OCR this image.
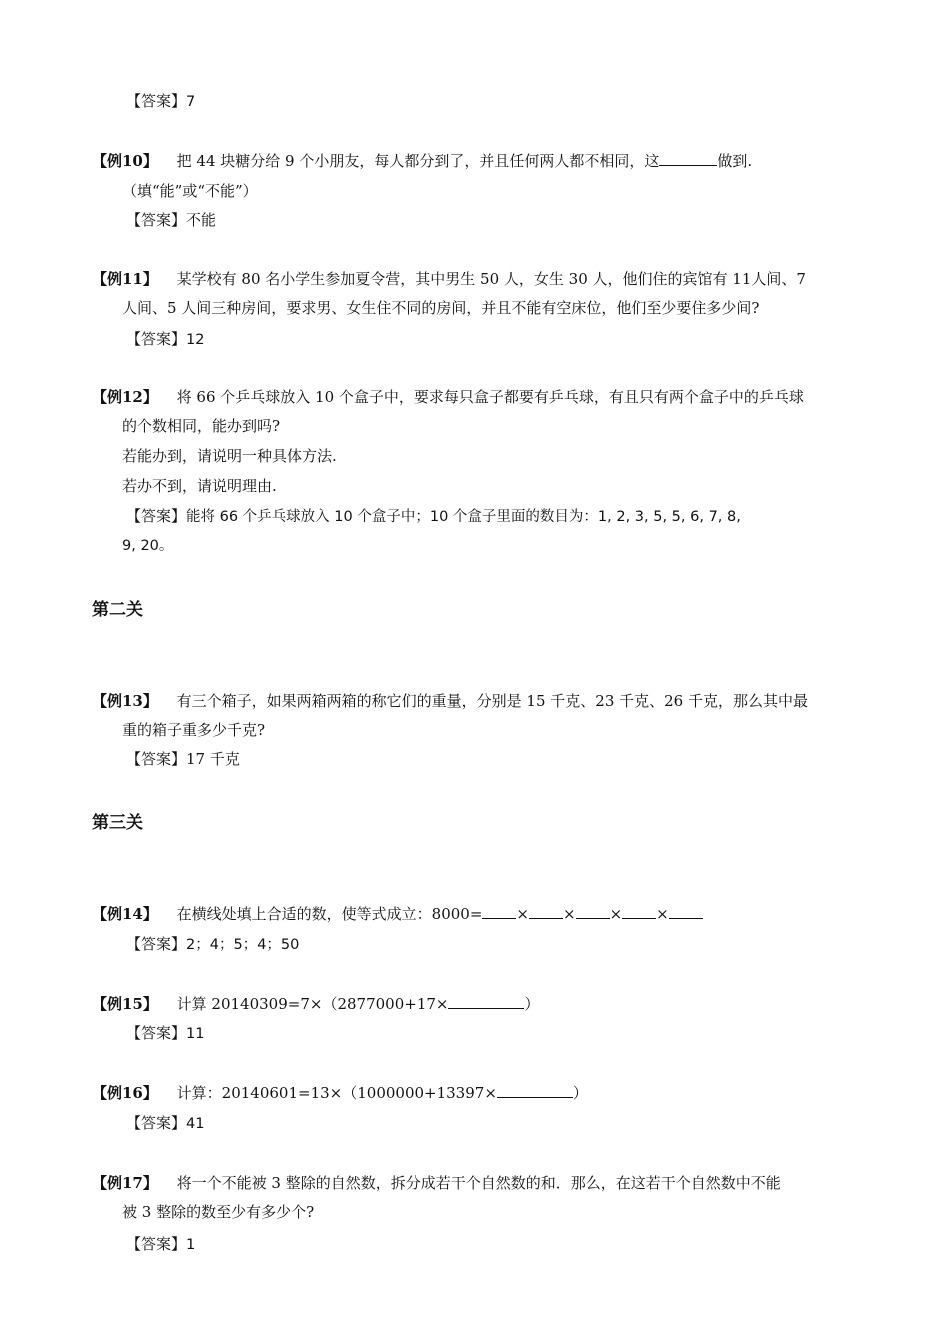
【答案】7
【例10】 把 44 块糖分给 9 个小朋友，每人都分到了，并且任何两人都不相同，这	做到.
（填“能”或“不能”）
【答案】不能
【例11】 某学校有 80 名小学生参加夏令营，其中男生 50 人，女生 30 人，他们住的宾馆有 11人间、7
人间、5 人间三种房间，要求男、女生住不同的房间，并且不能有空床位，他们至少要住多少间?
【答案】12
【例12】 将 66 个乒乓球放入 10 个盒子中，要求每只盒子都要有乒乓球，有且只有两个盒子中的乒乓球
的个数相同，能办到吗?
若能办到，请说明一种具体方法.
若办不到，请说明理由.
【答案】能将 66 个乒乓球放入 10 个盒子中；10 个盒子里面的数目为：1, 2, 3, 5, 5, 6, 7, 8,
9, 20。
第二关
【例13】 有三个箱子，如果两箱两箱的称它们的重量，分别是 15 千克、23 千克、26 千克，那么其中最
重的箱子重多少千克?
【答案】17 千克
第三关
【例14】 在横线处填上合适的数，使等式成立：8000= × × × ×
【答案】2；4；5；4；50
【例15】 计算 20140309=7×（2877000+17×	）
【答案】11
【例16】 计算：20140601=13×（1000000+13397×	）
【答案】41
【例17】 将一个不能被 3 整除的自然数，拆分成若干个自然数的和．那么，在这若干个自然数中不能
被 3 整除的数至少有多少个?
【答案】1
